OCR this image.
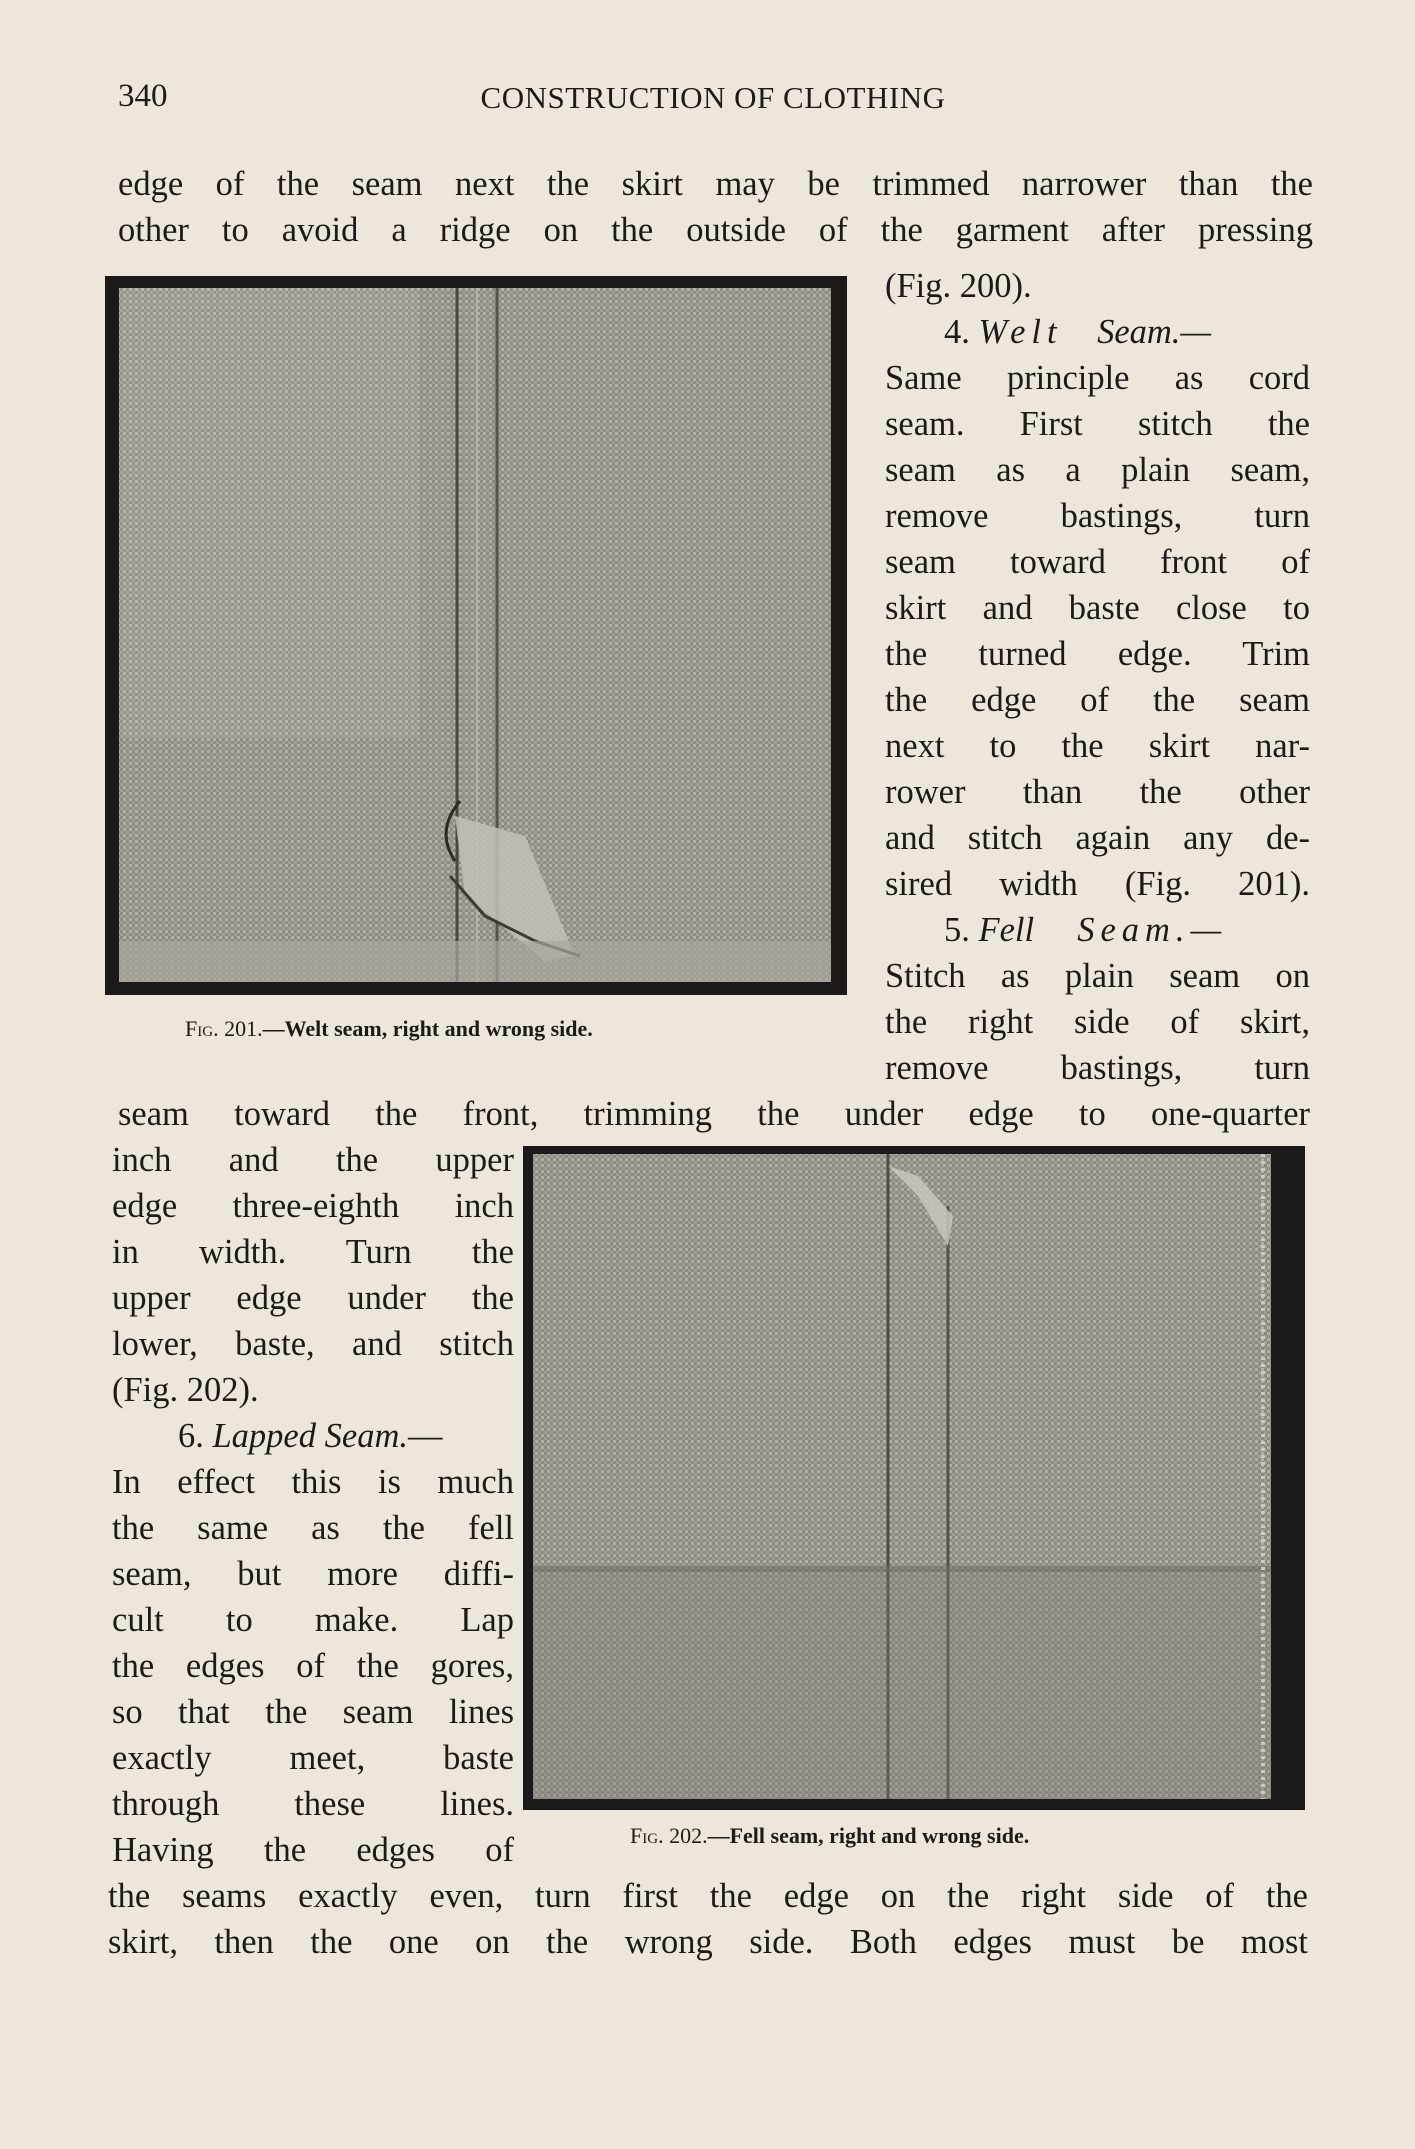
340	CONSTRUCTION OF CLOTHING
edge of the seam next the skirt may be trimmed narrower than the
other to avoid a ridge on the outside of the garment after pressing
Fig. 201.—Welt seam, right and wrong side.
(Fig. 200).
4. Welt Seam.—
Same principle as cord
seam. First stitch the
seam as a plain seam,
remove bastings, turn
seam toward front of
skirt and baste close to
the turned edge. Trim
the edge of the seam
next to the skirt nar-
rower than the other
and stitch again any de-
sired width (Fig. 201).
5. Fell Seam.—
Stitch as plain seam on
the right side of skirt,
remove bastings, turn
seam toward the front, trimming the under edge to one-quarter
Fig. 202.—Fell seam, right and wrong side.
inch and the upper
edge three-eighth inch
in width. Turn the
upper edge under the
lower, baste, and stitch
(Fig. 202).
6. Lapped Seam.—
In effect this is much
the same as the fell
seam, but more diffi-
cult to make. Lap
the edges of the gores,
so that the seam lines
exactly meet, baste
through these lines.
Having the edges of
the seams exactly even, turn first the edge on the right side of the
skirt, then the one on the wrong side. Both edges must be most
